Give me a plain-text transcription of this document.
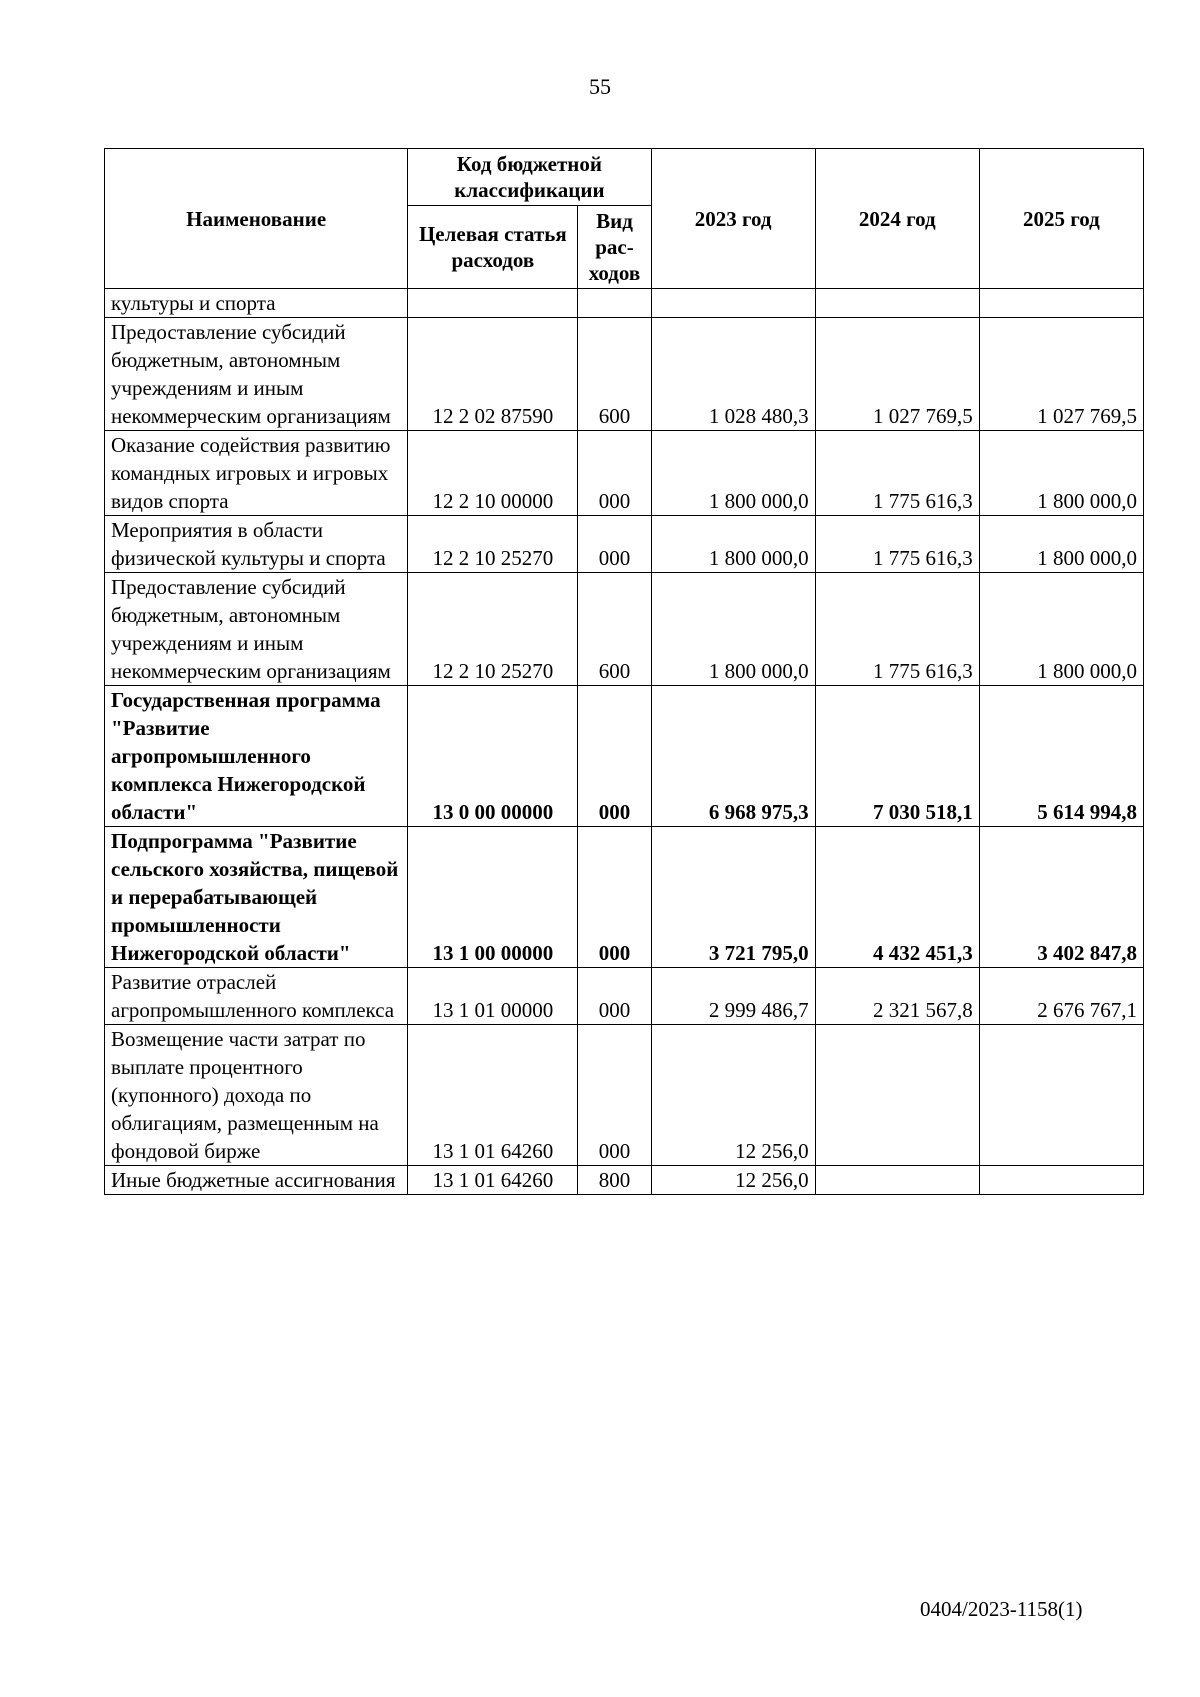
55
Наименование	Код бюджетной классификации		2023 год	2024 год	2025 год
	Целевая статья расходов	Вид рас- ходов			
культуры и спорта					
Предоставление субсидий бюджетным, автономным учреждениям и иным некоммерческим организациям	12 2 02 87590	600	1 028 480,3	1 027 769,5	1 027 769,5
Оказание содействия развитию командных игровых и игровых видов спорта	12 2 10 00000	000	1 800 000,0	1 775 616,3	1 800 000,0
Мероприятия в области физической культуры и спорта	12 2 10 25270	000	1 800 000,0	1 775 616,3	1 800 000,0
Предоставление субсидий бюджетным, автономным учреждениям и иным некоммерческим организациям	12 2 10 25270	600	1 800 000,0	1 775 616,3	1 800 000,0
Государственная программа "Развитие агропромышленного комплекса Нижегородской области"	13 0 00 00000	000	6 968 975,3	7 030 518,1	5 614 994,8
Подпрограмма "Развитие сельского хозяйства, пищевой и перерабатывающей промышленности Нижегородской области"	13 1 00 00000	000	3 721 795,0	4 432 451,3	3 402 847,8
Развитие отраслей агропромышленного комплекса	13 1 01 00000	000	2 999 486,7	2 321 567,8	2 676 767,1
Возмещение части затрат по выплате процентного (купонного) дохода по облигациям, размещенным на фондовой бирже	13 1 01 64260	000	12 256,0		
Иные бюджетные ассигнования	13 1 01 64260	800	12 256,0		
0404/2023-1158(1)
